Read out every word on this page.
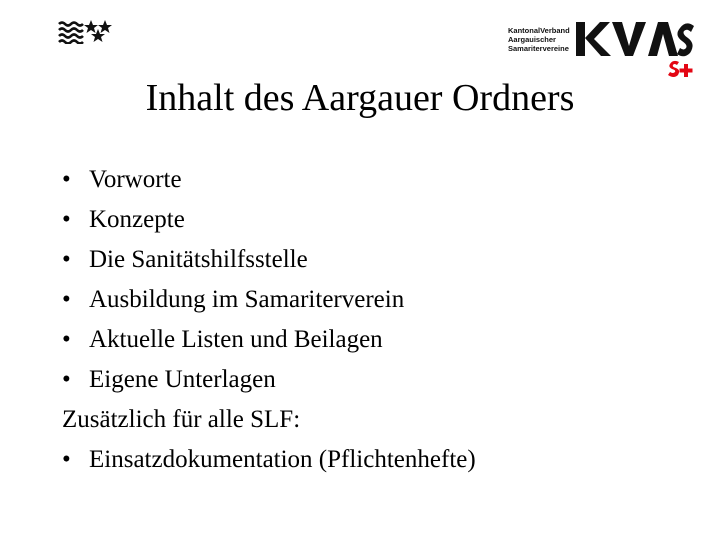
KantonalVerband
Aargauischer
Samaritervereine
Inhalt des Aargauer Ordners
• Vorworte
• Konzepte
• Die Sanitätshilfsstelle
• Ausbildung im Samariterverein
• Aktuelle Listen und Beilagen
• Eigene Unterlagen
Zusätzlich für alle SLF:
• Einsatzdokumentation (Pflichtenhefte)
